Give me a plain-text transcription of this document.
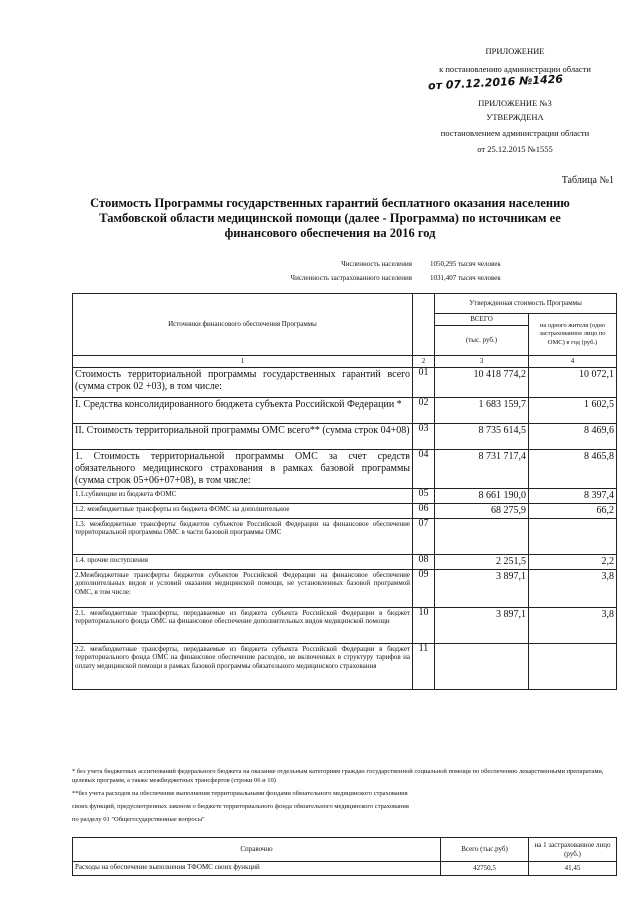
ПРИЛОЖЕНИЕ
к постановлению администрации области
от 07.12.2016 №1426
ПРИЛОЖЕНИЕ №3
УТВЕРЖДЕНА
постановлением администрации области
от 25.12.2015 №1555
Таблица №1
Стоимость Программы государственных гарантий бесплатного оказания населению Тамбовской области медицинской помощи (далее - Программа) по источникам ее финансового обеспечения на 2016 год
Численность населения	1050,295 тысяч человек
Численность застрахованного населения	1031,407 тысяч человек
Источники финансового обеспечения Программы		Утвержденная стоимость Программы	
		ВСЕГО	на одного жителя (одно застрахованное лицо по ОМС) в год (руб.)
		(тыс. руб.)	
1	2	3	4
Стоимость территориальной программы государственных гарантий всего (сумма строк 02 +03), в том числе:	01	10 418 774,2	10 072,1
I. Средства консолидированного бюджета субъекта Российской Федерации *	02	1 683 159,7	1 602,5
II. Стоимость территориальной программы ОМС всего** (сумма строк 04+08)	03	8 735 614,5	8 469,6
1. Стоимость территориальной программы ОМС за счет средств обязательного медицинского страхования в рамках базовой программы (сумма строк 05+06+07+08), в том числе:	04	8 731 717,4	8 465,8
1.1.субвенции из бюджета ФОМС	05	8 661 190,0	8 397,4
1.2. межбюджетные трансферты из бюджета ФОМС на дополнительное	06	68 275,9	66,2
1.3. межбюджетные трансферты бюджетов субъектов Российской Федерации на финансовое обеспечение территориальной программы ОМС в части базовой программы ОМС	07		
1.4. прочие поступления	08	2 251,5	2,2
2.Межбюджетные трансферты бюджетов субъектов Российской Федерации на финансовое обеспечение дополнительных видов и условий оказания медицинской помощи, не установленных базовой программой ОМС, в том числе:	09	3 897,1	3,8
2.1. межбюджетные трансферты, передаваемые из бюджета субъекта Российской Федерации в бюджет территориального фонда ОМС на финансовое обеспечение дополнительных видов медицинской помощи	10	3 897,1	3,8
2.2. межбюджетные трансферты, передаваемые из бюджета субъекта Российской Федерации в бюджет территориального фонда ОМС на финансовое обеспечение расходов, не включенных в структуру тарифов на оплату медицинской помощи в рамках базовой программы обязательного медицинского страхования	11		
* без учета бюджетных ассигнований федерального бюджета на оказание отдельным категориям граждан государственной социальной помощи по обеспечению лекарственными препаратами, целевых программ, а также межбюджетных трансфертов (строки 06 и 10)
**без учета расходов на обеспечение выполнения территориальными фондами обязательного медицинского страхования
своих функций, предусмотренных законом о бюджете территориального фонда обязательного медицинского страхования
по разделу 01 "Общегосударственные вопросы"
Справочно	Всего (тыс.руб)	на 1 застрахованное лицо (руб.)
Расходы на обеспечение выполнения ТФОМС своих функций	42750,5	41,45
